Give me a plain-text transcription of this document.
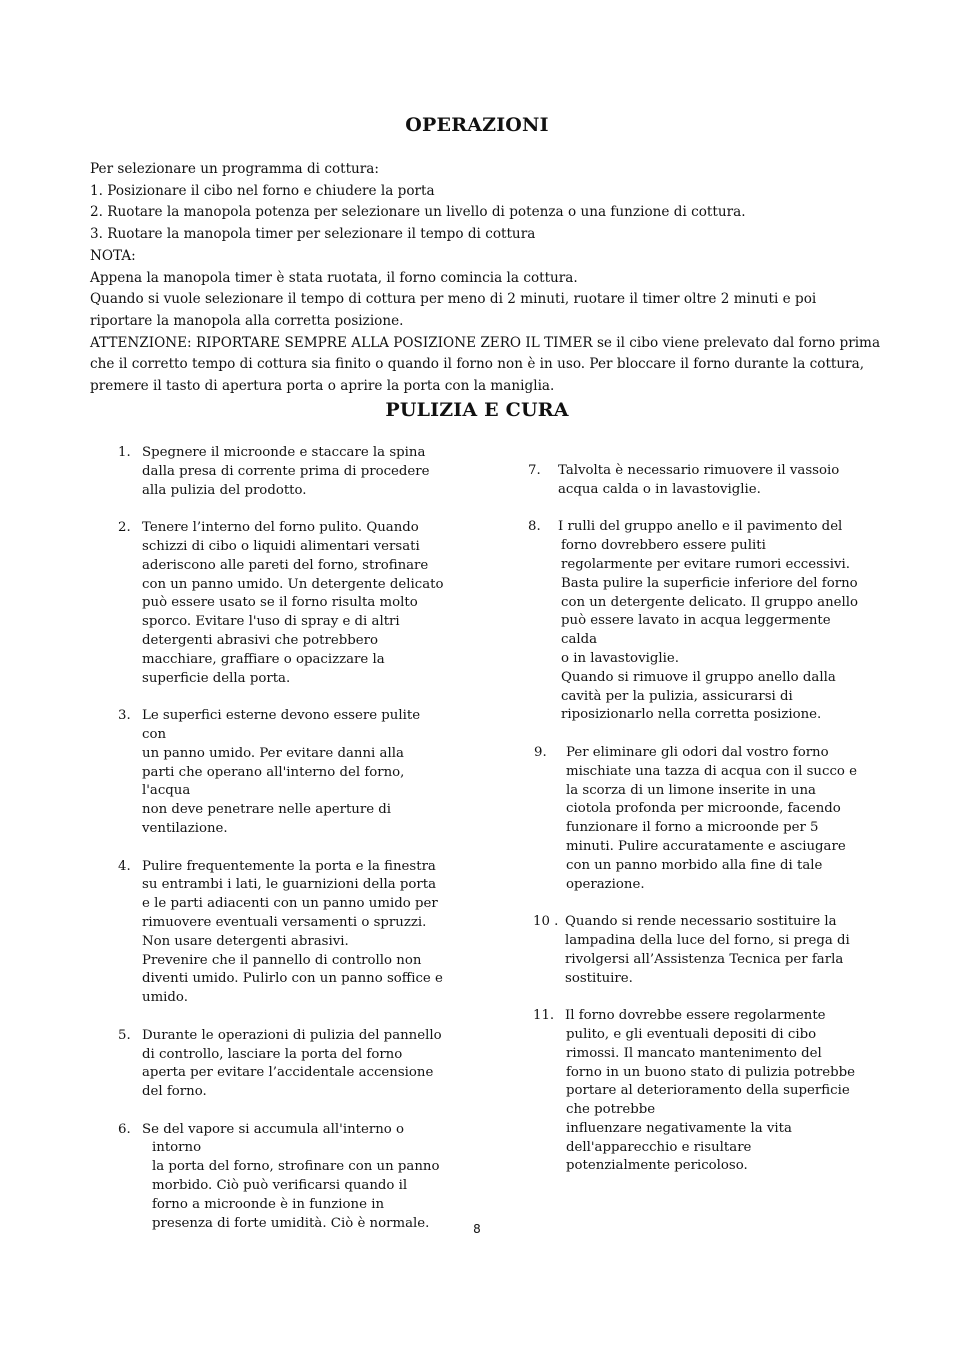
OPERAZIONI
Per selezionare un programma di cottura:
1. Posizionare il cibo nel forno e chiudere la porta
2. Ruotare la manopola potenza per selezionare un livello di potenza o una funzione di cottura.
3. Ruotare la manopola timer per selezionare il tempo di cottura
NOTA:
Appena la manopola timer è stata ruotata, il forno comincia la cottura.
Quando si vuole selezionare il tempo di cottura per meno di 2 minuti, ruotare il timer oltre 2 minuti e poi
riportare la manopola alla corretta posizione.
ATTENZIONE: RIPORTARE SEMPRE ALLA POSIZIONE ZERO IL TIMER se il cibo viene prelevato dal forno prima
che il corretto tempo di cottura sia finito o quando il forno non è in uso. Per bloccare il forno durante la cottura,
premere il tasto di apertura porta o aprire la porta con la maniglia.
PULIZIA E CURA
1. Spegnere il microonde e staccare la spina
dalla presa di corrente prima di procedere
alla pulizia del prodotto.
2. Tenere l’interno del forno pulito. Quando
schizzi di cibo o liquidi alimentari versati
aderiscono alle pareti del forno, strofinare
con un panno umido. Un detergente delicato
può essere usato se il forno risulta molto
sporco. Evitare l'uso di spray e di altri
detergenti abrasivi che potrebbero
macchiare, graffiare o opacizzare la
superficie della porta.
3. Le superfici esterne devono essere pulite
con
un panno umido. Per evitare danni alla
parti che operano all'interno del forno,
l'acqua
non deve penetrare nelle aperture di
ventilazione.
4. Pulire frequentemente la porta e la finestra
su entrambi i lati, le guarnizioni della porta
e le parti adiacenti con un panno umido per
rimuovere eventuali versamenti o spruzzi.
Non usare detergenti abrasivi.
Prevenire che il pannello di controllo non
diventi umido. Pulirlo con un panno soffice e
umido.
5. Durante le operazioni di pulizia del pannello
di controllo, lasciare la porta del forno
aperta per evitare l’accidentale accensione
del forno.
6. Se del vapore si accumula all'interno o
intorno
la porta del forno, strofinare con un panno
morbido. Ciò può verificarsi quando il
forno a microonde è in funzione in
presenza di forte umidità. Ciò è normale.
7. Talvolta è necessario rimuovere il vassoio
acqua calda o in lavastoviglie.
8. I rulli del gruppo anello e il pavimento del
forno dovrebbero essere puliti
regolarmente per evitare rumori eccessivi.
Basta pulire la superficie inferiore del forno
con un detergente delicato. Il gruppo anello
può essere lavato in acqua leggermente
calda
o in lavastoviglie.
Quando si rimuove il gruppo anello dalla
cavità per la pulizia, assicurarsi di
riposizionarlo nella corretta posizione.
9. Per eliminare gli odori dal vostro forno
mischiate una tazza di acqua con il succo e
la scorza di un limone inserite in una
ciotola profonda per microonde, facendo
funzionare il forno a microonde per 5
minuti. Pulire accuratamente e asciugare
con un panno morbido alla fine di tale
operazione.
10 . Quando si rende necessario sostituire la
lampadina della luce del forno, si prega di
rivolgersi all’Assistenza Tecnica per farla
sostituire.
11. Il forno dovrebbe essere regolarmente
pulito, e gli eventuali depositi di cibo
rimossi. Il mancato mantenimento del
forno in un buono stato di pulizia potrebbe
portare al deterioramento della superficie
che potrebbe
influenzare negativamente la vita
dell'apparecchio e risultare
potenzialmente pericoloso.
8
